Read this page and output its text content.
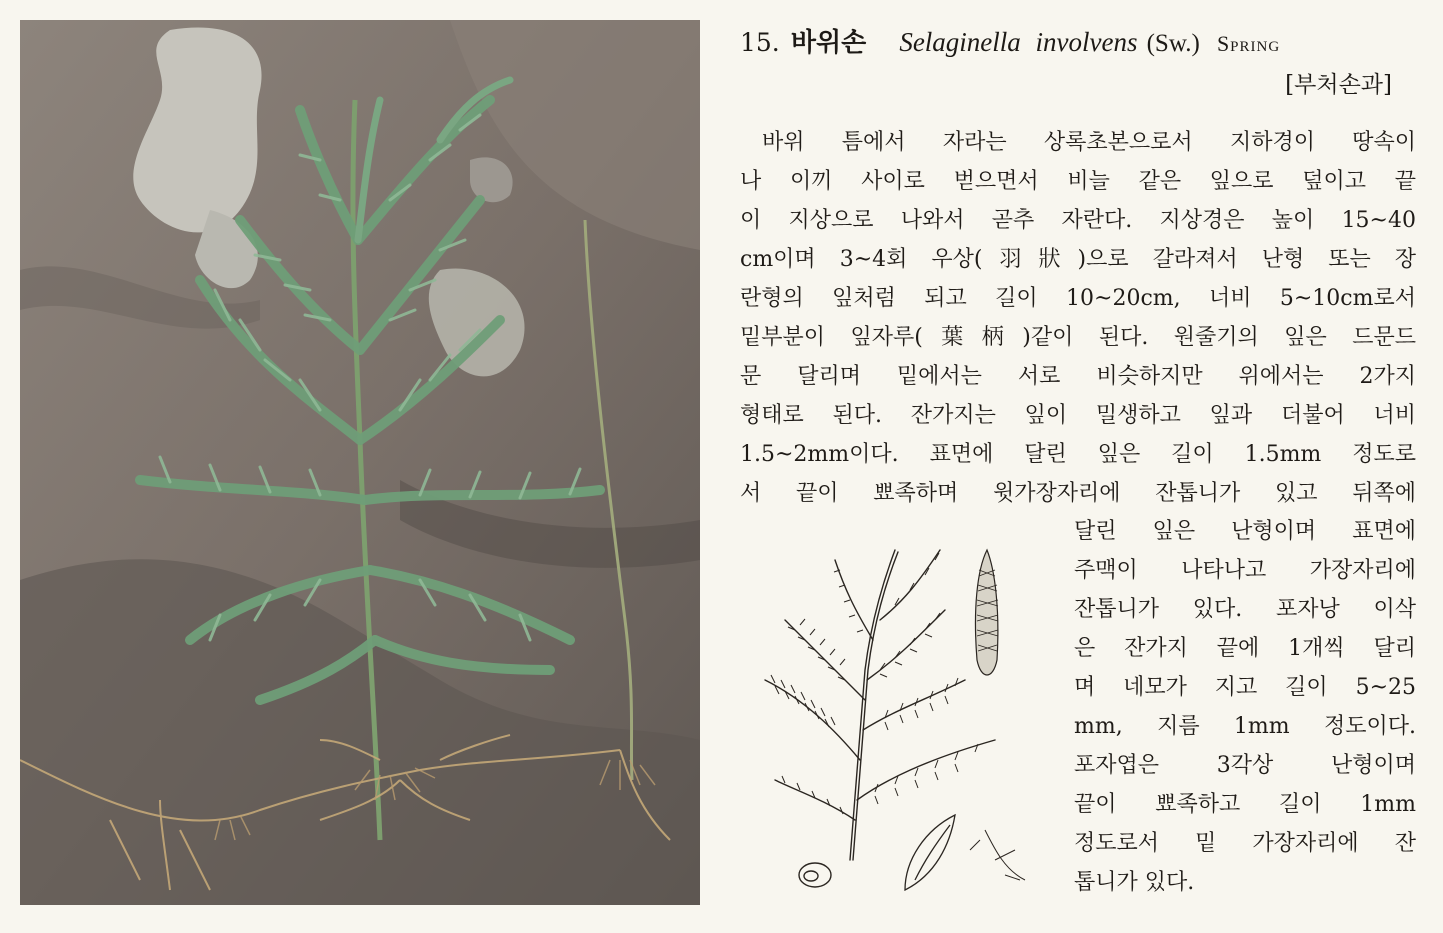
15. 바위손 Selaginella involvens (Sw.) Spring
[부처손과]
바위 틈에서 자라는 상록초본으로서 지하경이 땅속이
나 이끼 사이로 벋으면서 비늘 같은 잎으로 덮이고 끝
이 지상으로 나와서 곧추 자란다. 지상경은 높이 15~40
cm이며 3~4회 우상(羽狀)으로 갈라져서 난형 또는 장
란형의 잎처럼 되고 길이 10~20cm, 너비 5~10cm로서
밑부분이 잎자루(葉柄)같이 된다. 원줄기의 잎은 드문드
문 달리며 밑에서는 서로 비슷하지만 위에서는 2가지
형태로 된다. 잔가지는 잎이 밀생하고 잎과 더불어 너비
1.5~2mm이다. 표면에 달린 잎은 길이 1.5mm 정도로
서 끝이 뾰족하며 윗가장자리에 잔톱니가 있고 뒤쪽에
달린 잎은 난형이며 표면에
주맥이 나타나고 가장자리에
잔톱니가 있다. 포자낭 이삭
은 잔가지 끝에 1개씩 달리
며 네모가 지고 길이 5~25
mm, 지름 1mm 정도이다.
포자엽은 3각상 난형이며
끝이 뾰족하고 길이 1mm
정도로서 밑 가장자리에 잔
톱니가 있다.
